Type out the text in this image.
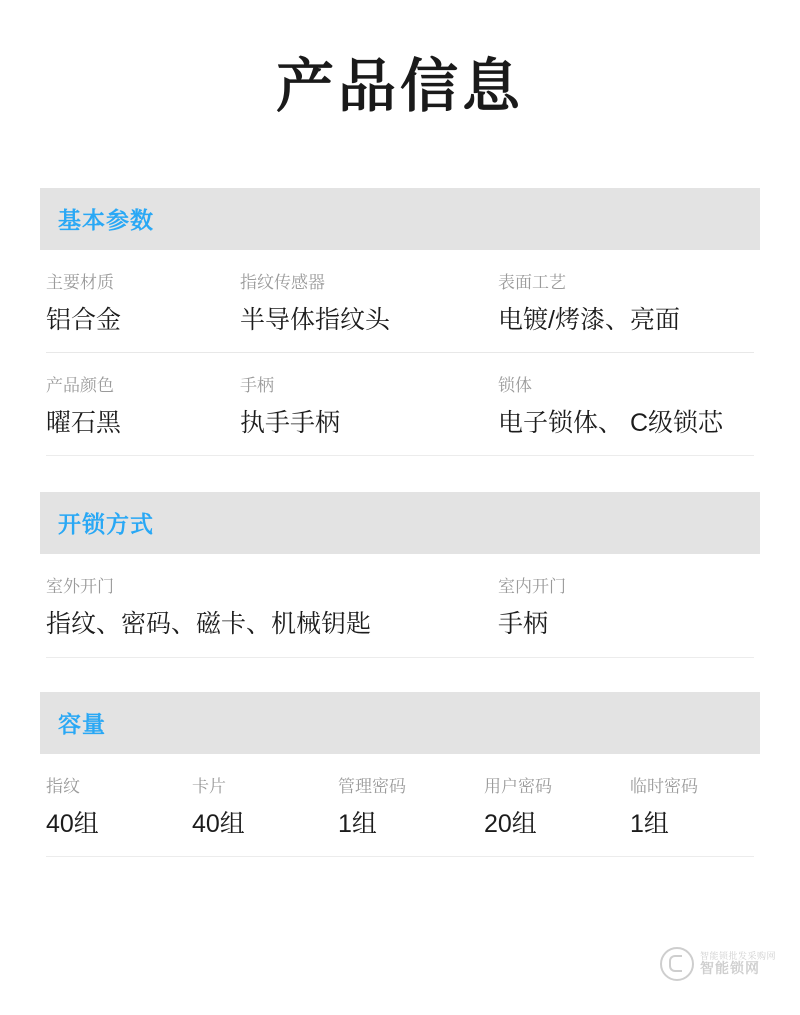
产品信息
基本参数
主要材质
铝合金
指纹传感器
半导体指纹头
表面工艺
电镀/烤漆、亮面
产品颜色
曜石黑
手柄
执手手柄
锁体
电子锁体、 C级锁芯
开锁方式
室外开门
指纹、密码、磁卡、机械钥匙
室内开门
手柄
容量
指纹
40组
卡片
40组
管理密码
1组
用户密码
20组
临时密码
1组
智能锁批发采购网
智能锁网
